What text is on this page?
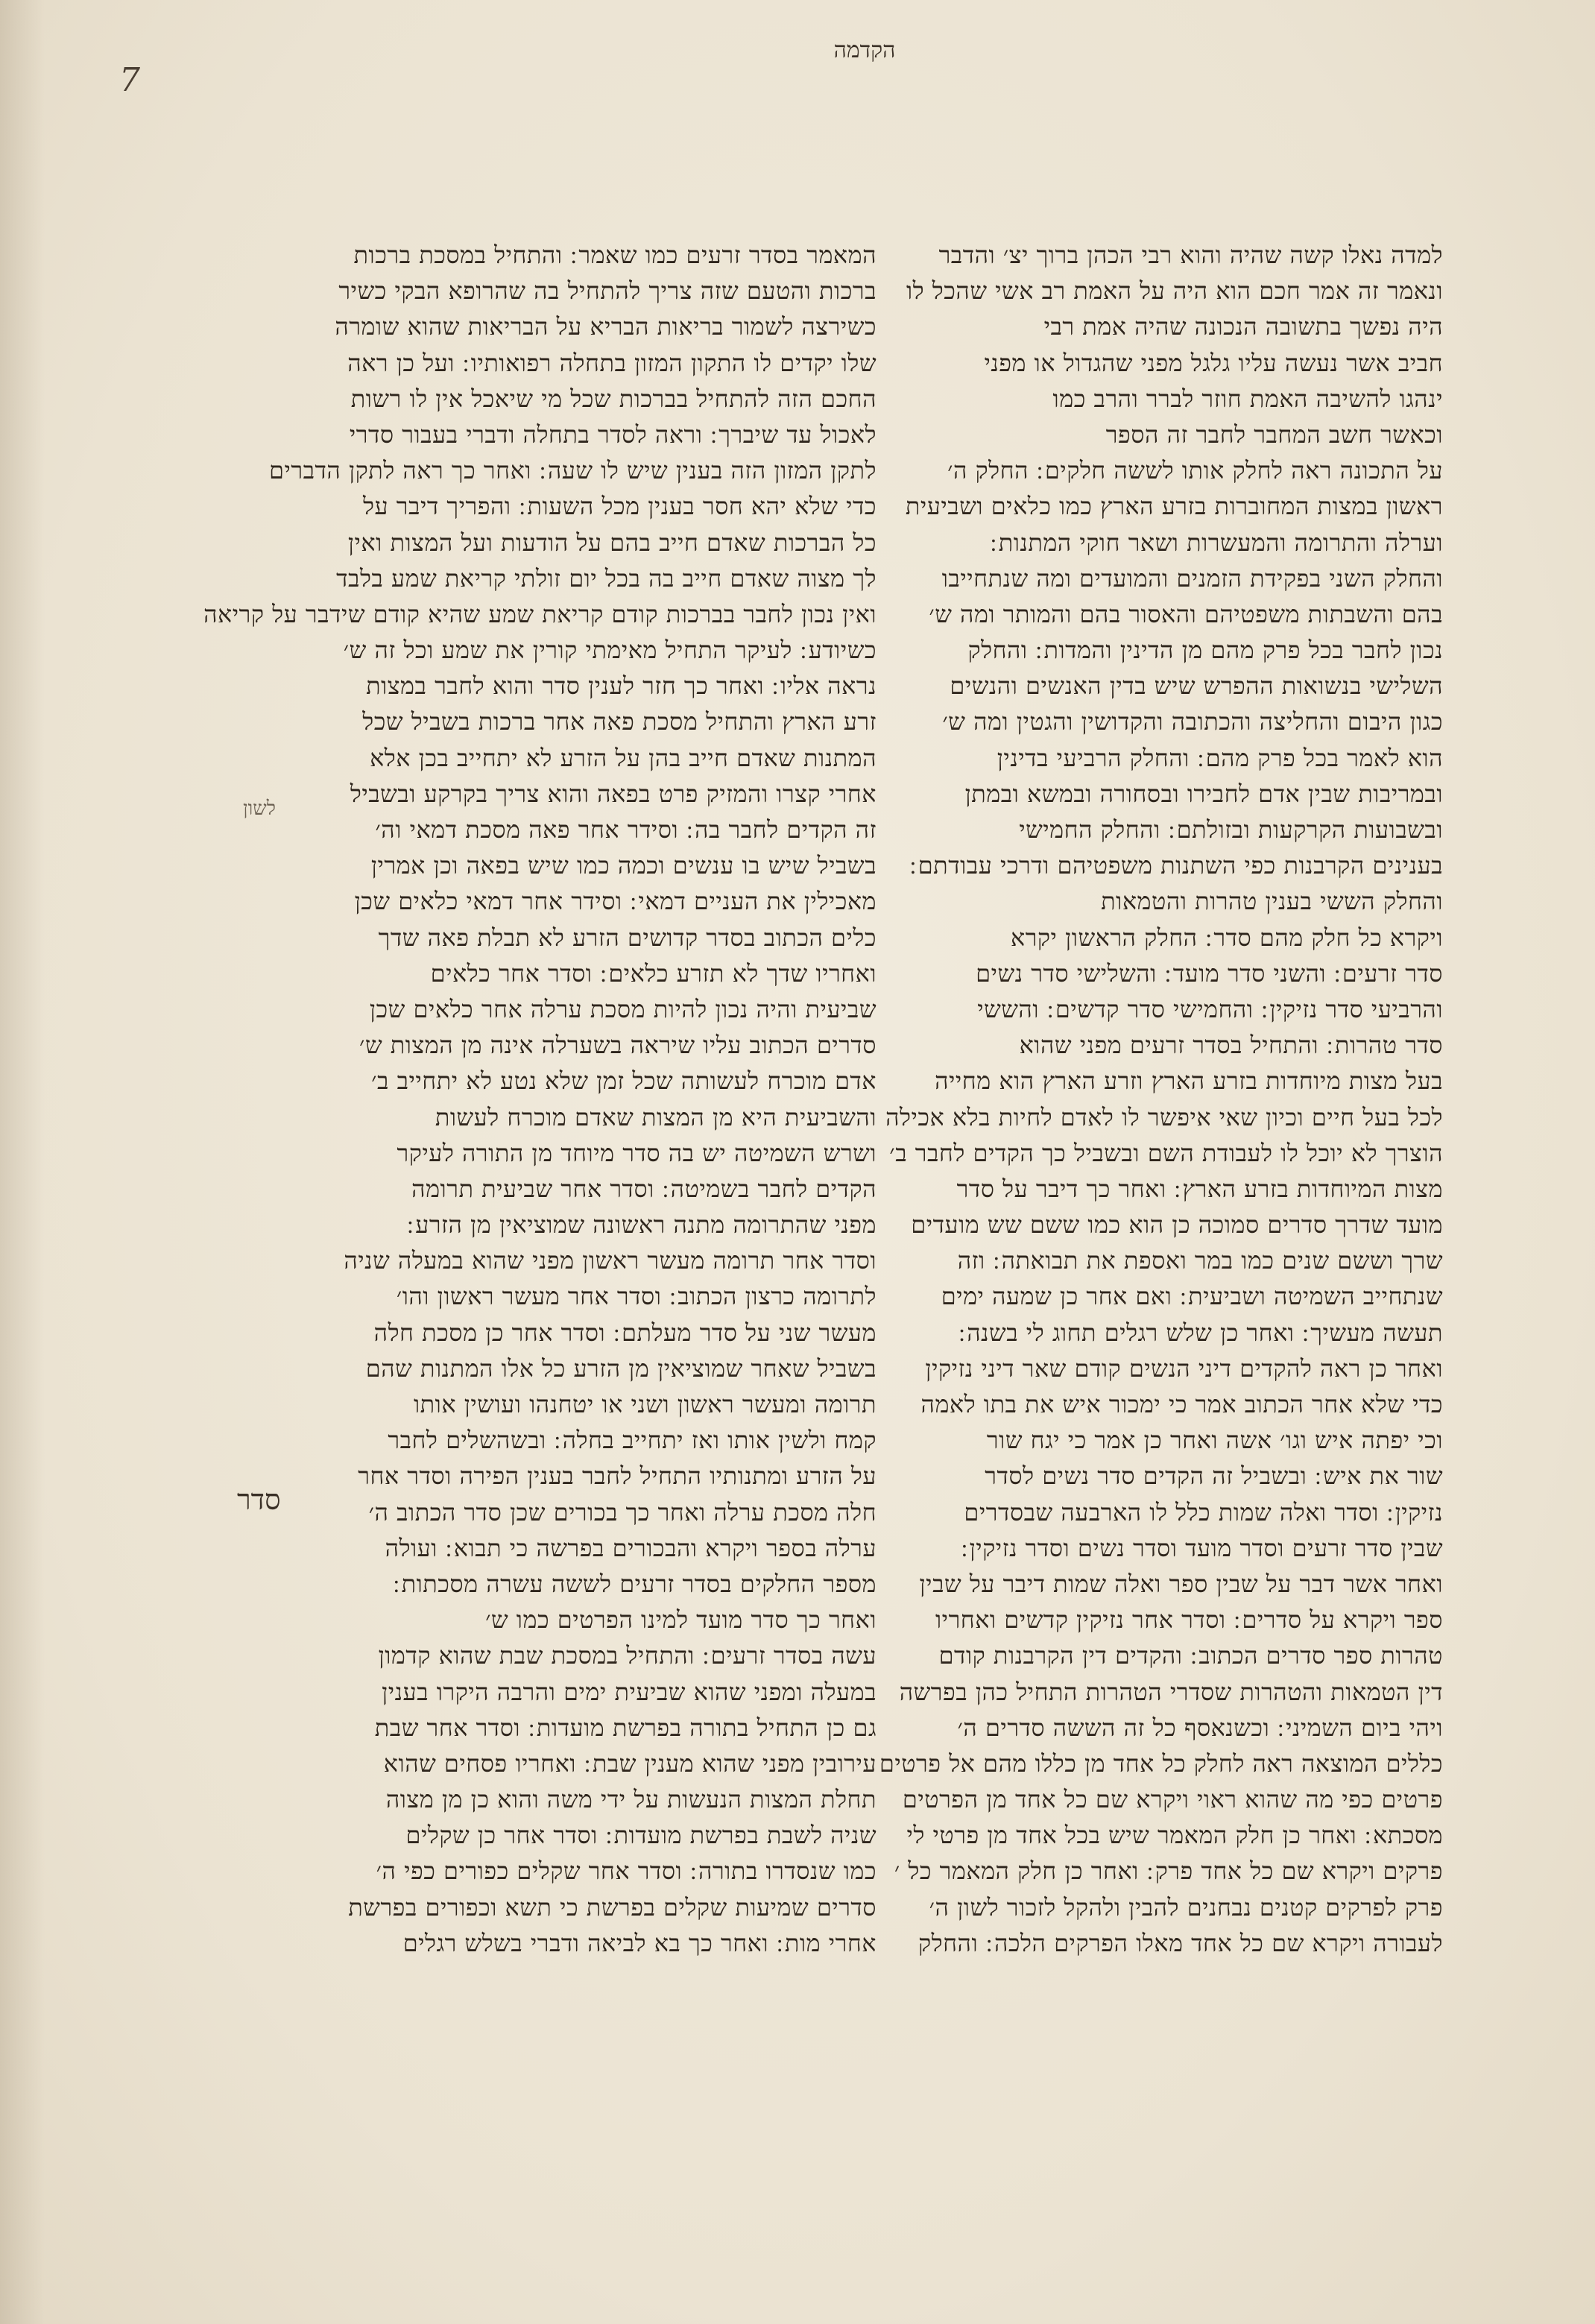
7
הקדמה
למדה נאלו קשה שהיה והוא רבי הכהן ברוך יצ׳ והדבר
ונאמר זה אמר חכם הוא היה על האמת רב אשי שהכל לו
היה נפשך בתשובה הנכונה שהיה אמת רבי
חביב אשר נעשה עליו גלגל מפני שהגדול או מפני
ינהגו להשיבה האמת חוזר לברר והרב כמו
וכאשר חשב המחבר לחבר זה הספר
על התכונה ראה לחלק אותו לששה חלקים ׃ החלק ה׳
ראשון במצות המחוברות בזרע הארץ כמו כלאים ושביעית
וערלה והתרומה והמעשרות ושאר חוקי המתנות ׃
והחלק השני בפקידת הזמנים והמועדים ומה שנתחייבו
בהם והשבתות משפטיהם והאסור בהם והמותר ומה ש׳
נכון לחבר בכל פרק מהם מן הדינין והמדות ׃ והחלק
השלישי בנשואות ההפרש שיש בדין האנשים והנשים
כגון היבום והחליצה והכתובה והקדושין והגטין ומה ש׳
הוא לאמר בכל פרק מהם ׃ והחלק הרביעי בדינין
ובמריבות שבין אדם לחבירו ובסחורה ובמשא ובמתן
ובשבועות הקרקעות ובזולתם ׃ והחלק החמישי
בענינים הקרבנות כפי השתנות משפטיהם ודרכי עבודתם ׃
והחלק הששי בענין טהרות והטמאות
ויקרא כל חלק מהם סדר ׃ החלק הראשון יקרא
סדר זרעים ׃ והשני סדר מועד ׃ והשלישי סדר נשים
והרביעי סדר נזיקין ׃ והחמישי סדר קדשים ׃ והששי
סדר טהרות ׃ והתחיל בסדר זרעים מפני שהוא
בעל מצות מיוחדות בזרע הארץ וזרע הארץ הוא מחייה
לכל בעל חיים וכיון שאי איפשר לו לאדם לחיות בלא אכילה
הוצרך לא יוכל לו לעבודת השם ובשביל כך הקדים לחבר ב׳
מצות המיוחדות בזרע הארץ ׃ ואחר כך דיבר על סדר
מועד שדרך סדרים סמוכה כן הוא כמו ששם שש מועדים
שרך וששם שנים כמו במר ואספת את תבואתה ׃ וזה
שנתחייב השמיטה ושביעית ׃ ואם אחר כן שמעה ימים
תעשה מעשיך ׃ ואחר כן שלש רגלים תחוג לי בשנה ׃
ואחר כן ראה להקדים דיני הנשים קודם שאר דיני נזיקין
כדי שלא אחר הכתוב אמר כי ימכור איש את בתו לאמה
וכי יפתה איש וגו׳ אשה ואחר כן אמר כי יגח שור
שור את איש ׃ ובשביל זה הקדים סדר נשים לסדר
נזיקין ׃ וסדר ואלה שמות כלל לו הארבעה שבסדרים
שבין סדר זרעים וסדר מועד וסדר נשים וסדר נזיקין ׃
ואחר אשר דבר על שבין ספר ואלה שמות דיבר על שבין
ספר ויקרא על סדרים ׃ וסדר אחר נזיקין קדשים ואחריו
טהרות ספר סדרים הכתוב ׃ והקדים דין הקרבנות קודם
דין הטמאות והטהרות שסדרי הטהרות התחיל כהן בפרשה
ויהי ביום השמיני ׃ וכשנאסף כל זה הששה סדרים ה׳
כללים המוצאה ראה לחלק כל אחד מן כללו מהם אל פרטים
פרטים כפי מה שהוא ראוי ויקרא שם כל אחד מן הפרטים
מסכתא ׃ ואחר כן חלק המאמר שיש בכל אחד מן פרטי לי
פרקים ויקרא שם כל אחד פרק ׃ ואחר כן חלק המאמר כל ׳
פרק לפרקים קטנים נבחנים להבין ולהקל לזכור לשון ה׳
לעבורה ויקרא שם כל אחד מאלו הפרקים הלכה ׃ והחלק
המאמר בסדר זרעים כמו שאמר ׃ והתחיל במסכת ברכות
ברכות והטעם שזה צריך להתחיל בה שהרופא הבקי כשיר
כשירצה לשמור בריאות הבריא על הבריאות שהוא שומרה
שלו יקדים לו התקון המזון בתחלה רפואותיו ׃ ועל כן ראה
החכם הזה להתחיל בברכות שכל מי שיאכל אין לו רשות
לאכול עד שיברך ׃ וראה לסדר בתחלה ודברי בעבור סדרי
לתקן המזון הזה בענין שיש לו שעה ׃ ואחר כך ראה לתקן הדברים
כדי שלא יהא חסר בענין מכל השעות ׃ והפריך דיבר על
כל הברכות שאדם חייב בהם על הודעות ועל המצות ואין
לך מצוה שאדם חייב בה בכל יום זולתי קריאת שמע בלבד
ואין נכון לחבר בברכות קודם קריאת שמע שהיא קודם שידבר על קריאה
כשיודע ׃ לעיקר התחיל מאימתי קורין את שמע וכל זה ש׳
נראה אליו ׃ ואחר כך חזר לענין סדר והוא לחבר במצות
זרע הארץ והתחיל מסכת פאה אחר ברכות בשביל שכל
המתנות שאדם חייב בהן על הזרע לא יתחייב בכן אלא
אחרי קצרו והמזיק פרט בפאה והוא צריך בקרקע ובשביל
זה הקדים לחבר בה ׃ וסידר אחר פאה מסכת דמאי וה׳
בשביל שיש בו ענשים וכמה כמו שיש בפאה וכן אמרין
מאכילין את העניים דמאי ׃ וסידר אחר דמאי כלאים שכן
כלים הכתוב בסדר קדושים הזרע לא תבלת פאה שדך
ואחריו שדך לא תזרע כלאים ׃ וסדר אחר כלאים
שביעית והיה נכון להיות מסכת ערלה אחר כלאים שכן
סדרים הכתוב עליו שיראה בשערלה אינה מן המצות ש׳
אדם מוכרח לעשותה שכל זמן שלא נטע לא יתחייב ב׳
והשביעית היא מן המצות שאדם מוכרח לעשות
ושרש השמיטה יש בה סדר מיוחד מן התורה לעיקר
הקדים לחבר בשמיטה ׃ וסדר אחר שביעית תרומה
מפני שהתרומה מתנה ראשונה שמוציאין מן הזרע ׃
וסדר אחר תרומה מעשר ראשון מפני שהוא במעלה שניה
לתרומה כרצון הכתוב ׃ וסדר אחר מעשר ראשון והו׳
מעשר שני על סדר מעלתם ׃ וסדר אחר כן מסכת חלה
בשביל שאחר שמוציאין מן הזרע כל אלו המתנות שהם
תרומה ומעשר ראשון ושני או יטחנהו ועושין אותו
קמח ולשין אותו ואז יתחייב בחלה ׃ ובשהשלים לחבר
על הזרע ומתנותיו התחיל לחבר בענין הפירה וסדר אחר
חלה מסכת ערלה ואחר כך בכורים שכן סדר הכתוב ה׳
ערלה בספר ויקרא והבכורים בפרשה כי תבוא ׃ ועולה
מספר החלקים בסדר זרעים לששה עשרה מסכתות ׃
ואחר כך סדר מועד למינו הפרטים כמו ש׳
עשה בסדר זרעים ׃ והתחיל במסכת שבת שהוא קדמון
במעלה ומפני שהוא שביעית ימים והרבה היקרו בענין
גם כן התחיל בתורה בפרשת מועדות ׃ וסדר אחר שבת
עירובין מפני שהוא מענין שבת ׃ ואחריו פסחים שהוא
תחלת המצות הנעשות על ידי משה והוא כן מן מצוה
שניה לשבת בפרשת מועדות ׃ וסדר אחר כן שקלים
כמו שנסדרו בתורה ׃ וסדר אחר שקלים כפורים כפי ה׳
סדרים שמיעות שקלים בפרשת כי תשא וכפורים בפרשת
אחרי מות ׃ ואחר כך בא לביאה ודברי בשלש רגלים
לשון
סדר
